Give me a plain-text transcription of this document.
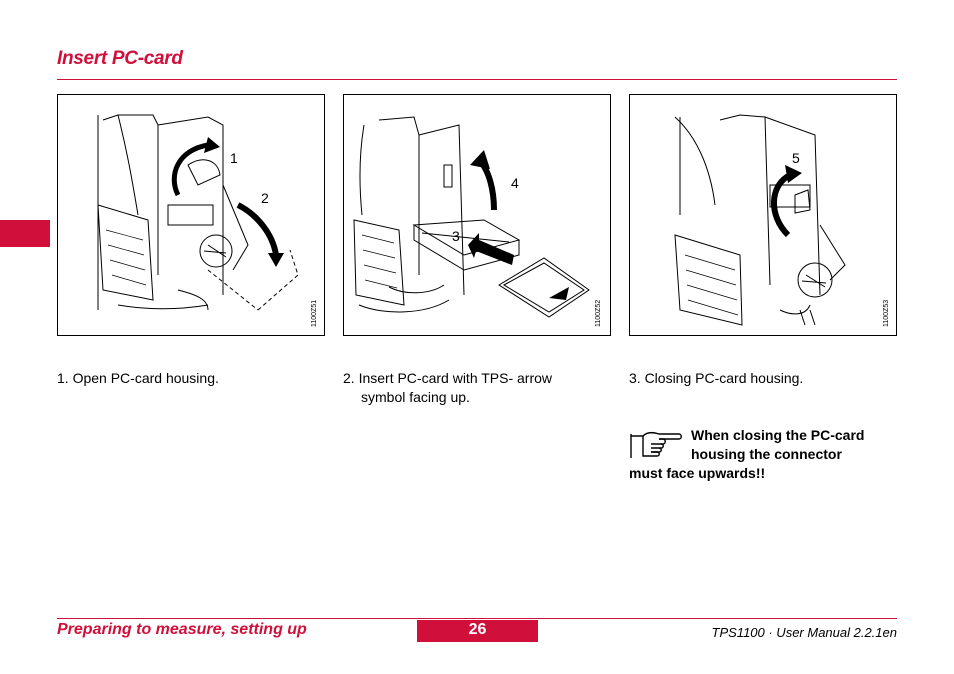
Insert PC-card
1
2
1100Z51
4
3
1100Z52
5
1100Z53
1. Open PC-card housing.	2. Insert PC-card with TPS- arrow
symbol facing up.
3. Closing PC-card housing.
When closing the PC-card
housing the connector
must face upwards!!
Preparing to measure, setting up	26	TPS1100 · User Manual 2.2.1en
